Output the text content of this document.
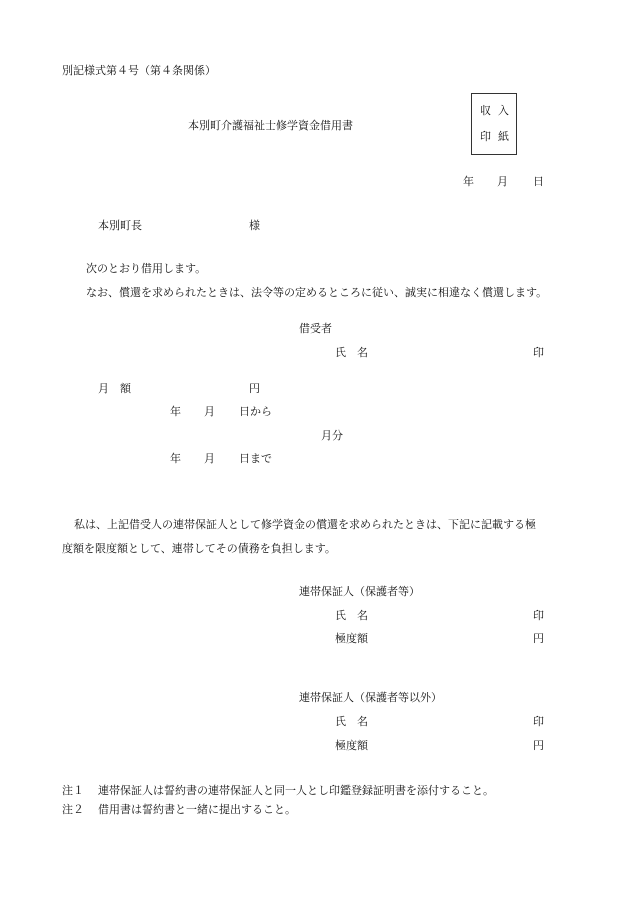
別記様式第４号（第４条関係）
本別町介護福祉士修学資金借用書
収 入
印 紙
年 月 日
本別町長	様
次のとおり借用します。
なお、償還を求められたときは、法令等の定めるところに従い、誠実に相違なく償還します。
借受者
氏　名	印
月　額	円
年 月 日から
月分
年 月 日まで
私は、上記借受人の連帯保証人として修学資金の償還を求められたときは、下記に記載する極
度額を限度額として、連帯してその債務を負担します。
連帯保証人（保護者等）
氏　名	印
極度額	円
連帯保証人（保護者等以外）
氏　名	印
極度額	円
注１ 連帯保証人は誓約書の連帯保証人と同一人とし印鑑登録証明書を添付すること。
注２ 借用書は誓約書と一緒に提出すること。
